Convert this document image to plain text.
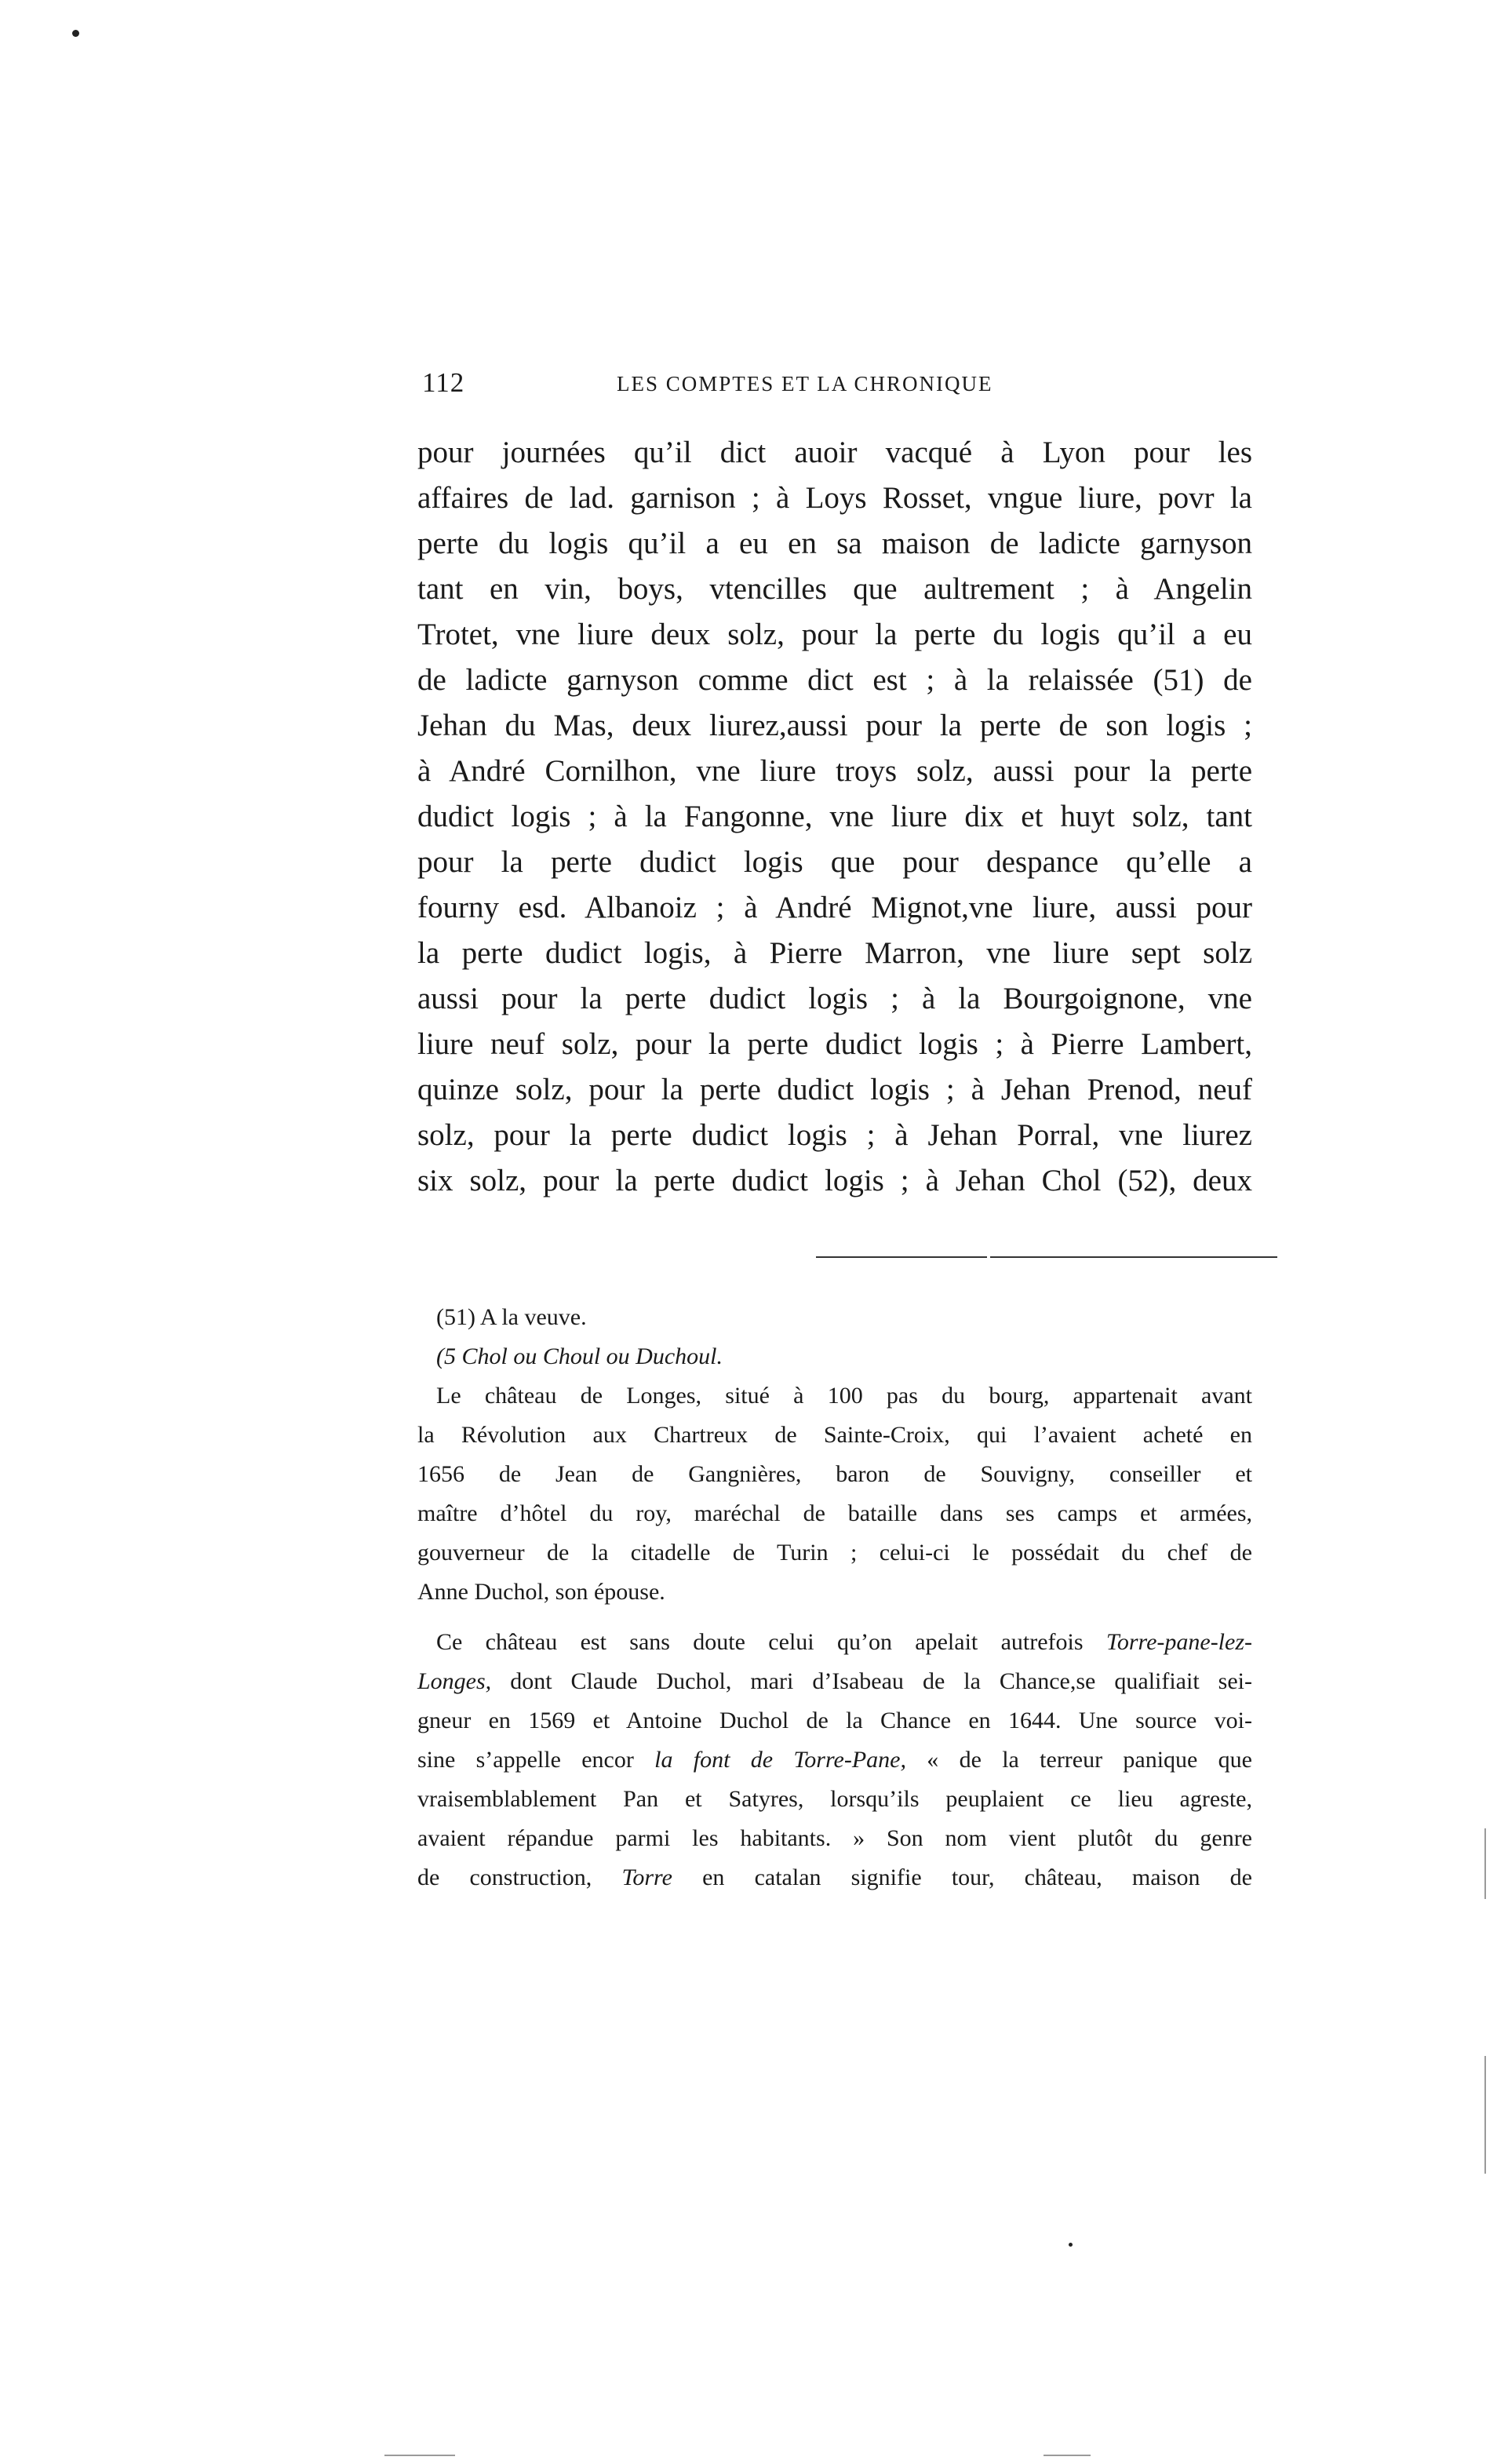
112	LES COMPTES ET LA CHRONIQUE
pour journées qu’il dict auoir vacqué à Lyon pour les
affaires de lad. garnison ; à Loys Rosset, vngue liure, povr la
perte du logis qu’il a eu en sa maison de ladicte garnyson
tant en vin, boys, vtencilles que aultrement ; à Angelin
Trotet, vne liure deux solz, pour la perte du logis qu’il a eu
de ladicte garnyson comme dict est ; à la relaissée (51) de
Jehan du Mas, deux liurez,aussi pour la perte de son logis ;
à André Cornilhon, vne liure troys solz, aussi pour la perte
dudict logis ; à la Fangonne, vne liure dix et huyt solz, tant
pour la perte dudict logis que pour despance qu’elle a
fourny esd. Albanoiz ; à André Mignot,vne liure, aussi pour
la perte dudict logis, à Pierre Marron, vne liure sept solz
aussi pour la perte dudict logis ; à la Bourgoignone, vne
liure neuf solz, pour la perte dudict logis ; à Pierre Lambert,
quinze solz, pour la perte dudict logis ; à Jehan Prenod, neuf
solz, pour la perte dudict logis ; à Jehan Porral, vne liurez
six solz, pour la perte dudict logis ; à Jehan Chol (52), deux
(51) A la veuve.
(5 Chol ou Choul ou Duchoul.
Le château de Longes, situé à 100 pas du bourg, appartenait avant
la Révolution aux Chartreux de Sainte-Croix, qui l’avaient acheté en
1656 de Jean de Gangnières, baron de Souvigny, conseiller et
maître d’hôtel du roy, maréchal de bataille dans ses camps et armées,
gouverneur de la citadelle de Turin ; celui-ci le possédait du chef de
Anne Duchol, son épouse.
Ce château est sans doute celui qu’on apelait autrefois Torre-pane-lez-
Longes, dont Claude Duchol, mari d’Isabeau de la Chance,se qualifiait sei-
gneur en 1569 et Antoine Duchol de la Chance en 1644. Une source voi-
sine s’appelle encor la font de Torre-Pane, « de la terreur panique que
vraisemblablement Pan et Satyres, lorsqu’ils peuplaient ce lieu agreste,
avaient répandue parmi les habitants. » Son nom vient plutôt du genre
de construction, Torre en catalan signifie tour, château, maison de
